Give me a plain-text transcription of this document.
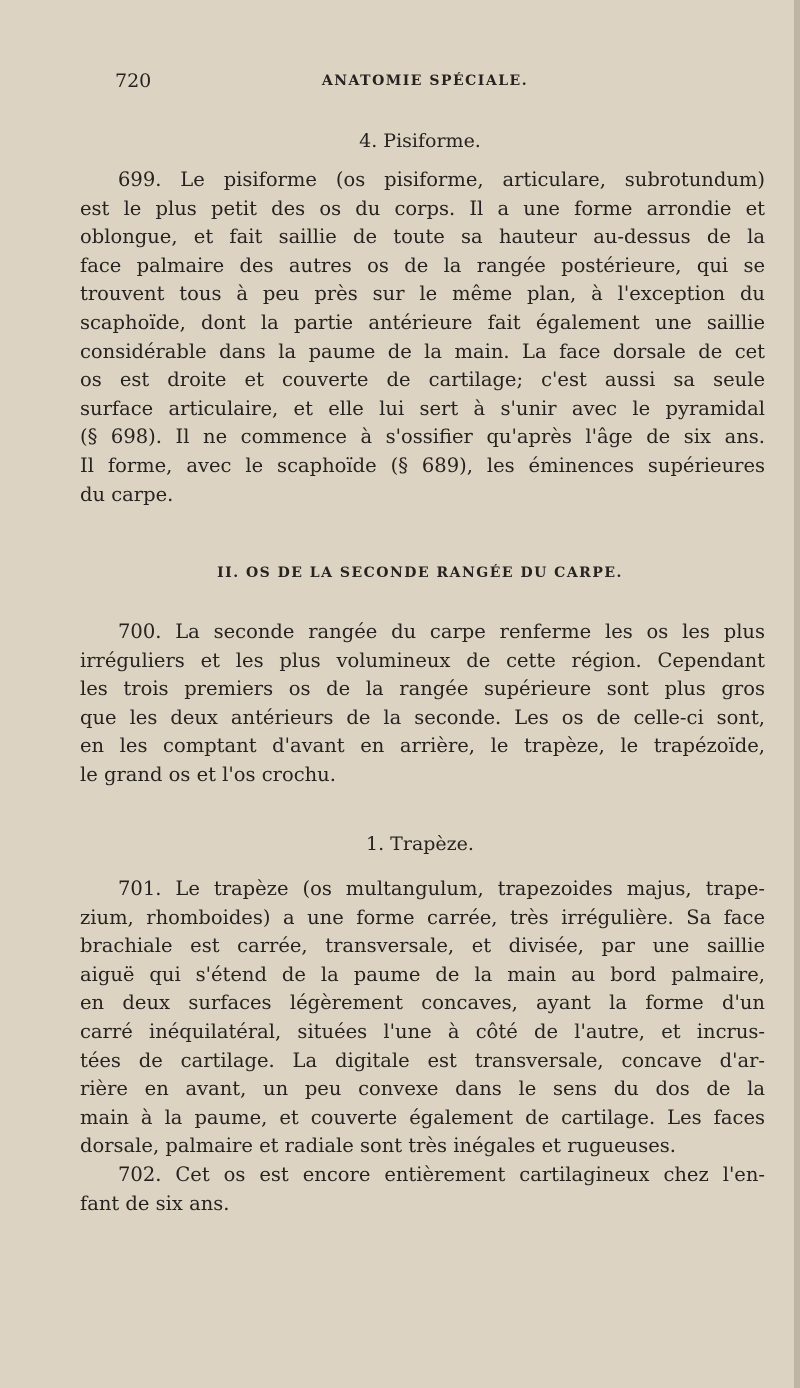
720	ANATOMIE SPÉCIALE.
4. Pisiforme.
699. Le pisiforme (os pisiforme, articulare, subrotundum)
est le plus petit des os du corps. Il a une forme arrondie et
oblongue, et fait saillie de toute sa hauteur au-dessus de la
face palmaire des autres os de la rangée postérieure, qui se
trouvent tous à peu près sur le même plan, à l'exception du
scaphoïde, dont la partie antérieure fait également une saillie
considérable dans la paume de la main. La face dorsale de cet
os est droite et couverte de cartilage; c'est aussi sa seule
surface articulaire, et elle lui sert à s'unir avec le pyramidal
(§ 698). Il ne commence à s'ossifier qu'après l'âge de six ans.
Il forme, avec le scaphoïde (§ 689), les éminences supérieures
du carpe.
II. OS DE LA SECONDE RANGÉE DU CARPE.
700. La seconde rangée du carpe renferme les os les plus
irréguliers et les plus volumineux de cette région. Cependant
les trois premiers os de la rangée supérieure sont plus gros
que les deux antérieurs de la seconde. Les os de celle-ci sont,
en les comptant d'avant en arrière, le trapèze, le trapézoïde,
le grand os et l'os crochu.
1. Trapèze.
701. Le trapèze (os multangulum, trapezoides majus, trape-
zium, rhomboides) a une forme carrée, très irrégulière. Sa face
brachiale est carrée, transversale, et divisée, par une saillie
aiguë qui s'étend de la paume de la main au bord palmaire,
en deux surfaces légèrement concaves, ayant la forme d'un
carré inéquilatéral, situées l'une à côté de l'autre, et incrus-
tées de cartilage. La digitale est transversale, concave d'ar-
rière en avant, un peu convexe dans le sens du dos de la
main à la paume, et couverte également de cartilage. Les faces
dorsale, palmaire et radiale sont très inégales et rugueuses.
702. Cet os est encore entièrement cartilagineux chez l'en-
fant de six ans.
